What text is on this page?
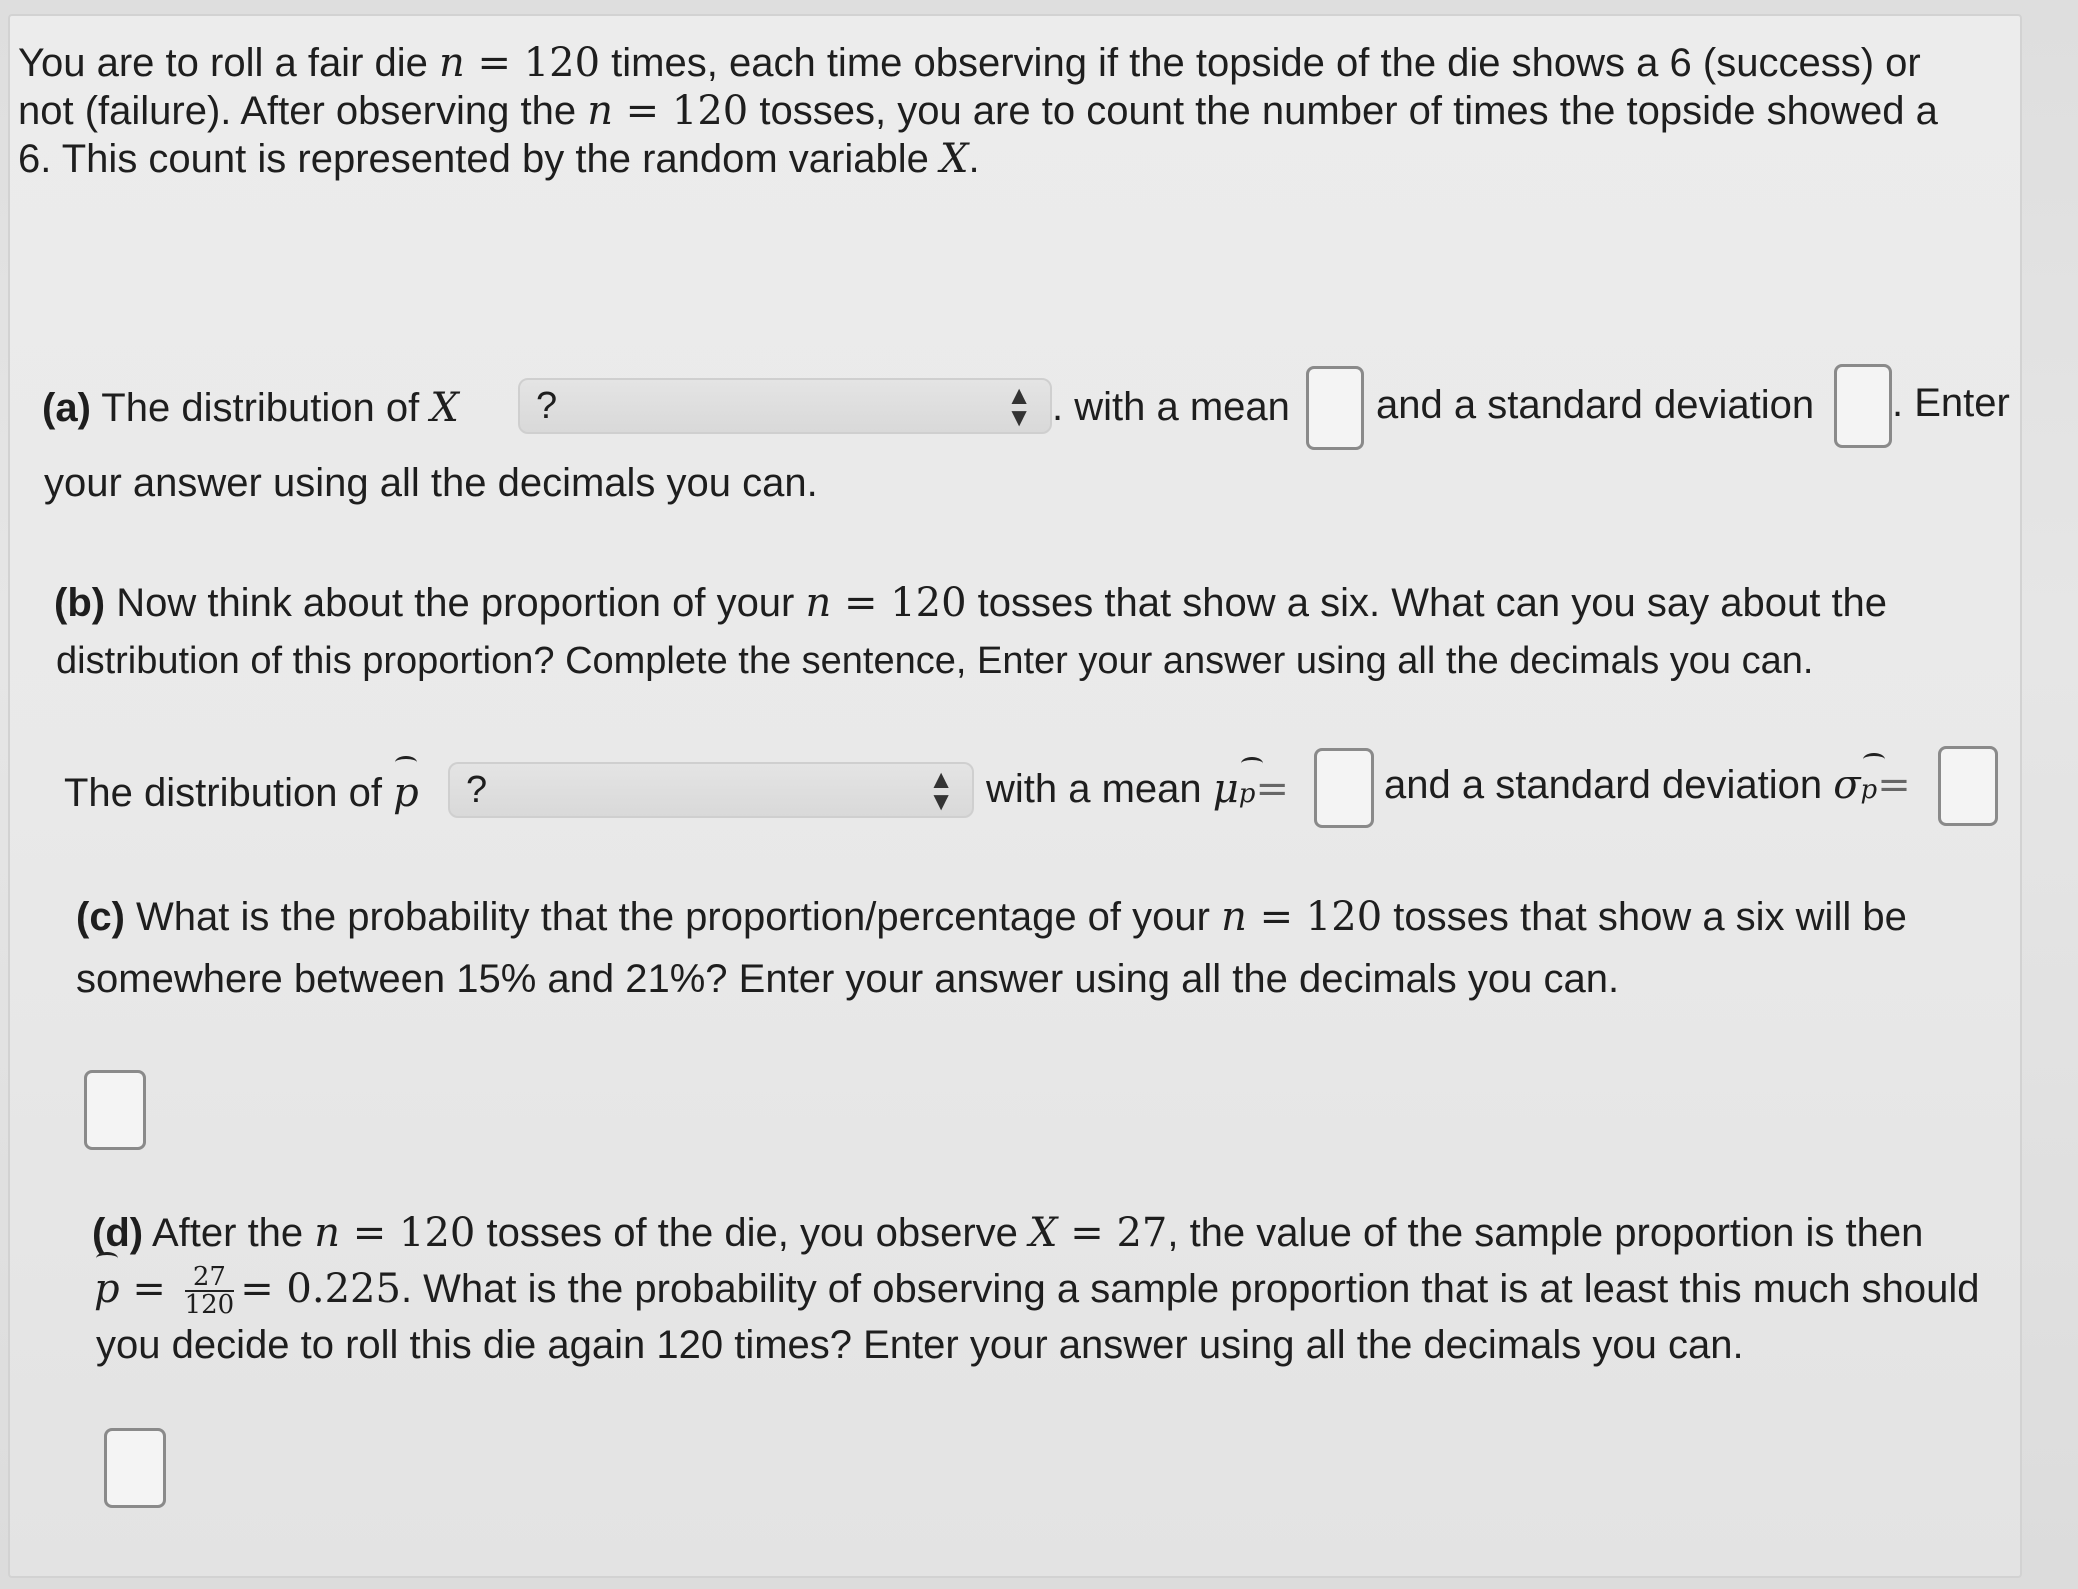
You are to roll a fair die n = 120 times, each time observing if the topside of the die shows a 6 (success) or
not (failure). After observing the n = 120 tosses, you are to count the number of times the topside showed a
6. This count is represented by the random variable X.
(a) The distribution of X	?	▲
▼ . with a mean and a standard deviation . Enter
your answer using all the decimals you can.
(b) Now think about the proportion of your n = 120 tosses that show a six. What can you say about the
distribution of this proportion? Complete the sentence, Enter your answer using all the decimals you can.
The distribution of p	?	▲
▼ with a mean μp= and a standard deviation σp=
(c) What is the probability that the proportion/percentage of your n = 120 tosses that show a six will be
somewhere between 15% and 21%? Enter your answer using all the decimals you can.
(d) After the n = 120 tosses of the die, you observe X = 27, the value of the sample proportion is then
$p = \frac{27}{120} = 0.225$. What is the probability of observing a sample proportion that is at least this much should
you decide to roll this die again 120 times? Enter your answer using all the decimals you can.
